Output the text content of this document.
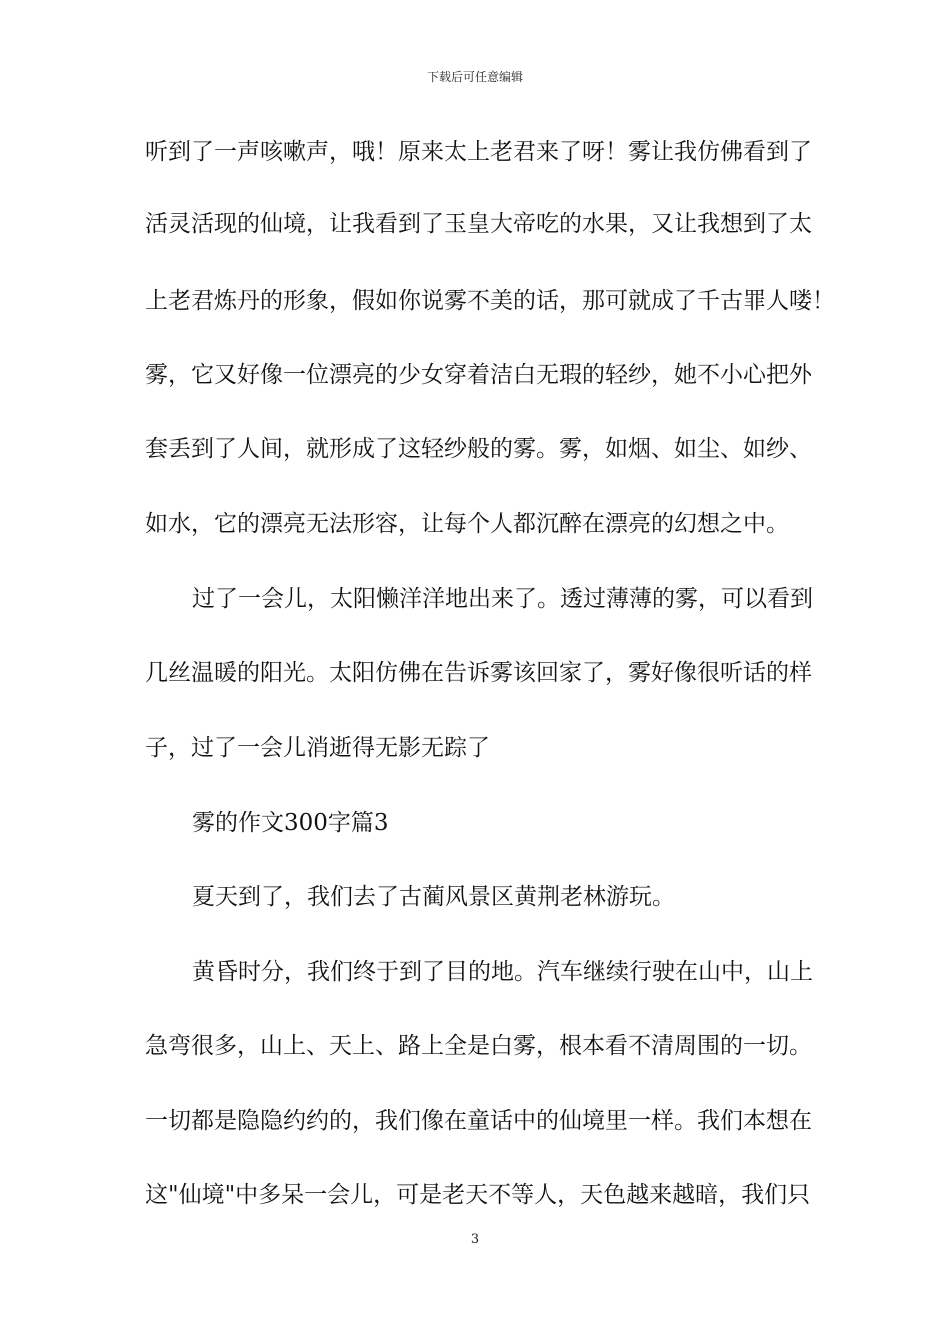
下载后可任意编辑
听到了一声咳嗽声，哦！原来太上老君来了呀！雾让我仿佛看到了
活灵活现的仙境，让我看到了玉皇大帝吃的水果，又让我想到了太
上老君炼丹的形象，假如你说雾不美的话，那可就成了千古罪人喽！
雾，它又好像一位漂亮的少女穿着洁白无瑕的轻纱，她不小心把外
套丢到了人间，就形成了这轻纱般的雾。雾，如烟、如尘、如纱、
如水，它的漂亮无法形容，让每个人都沉醉在漂亮的幻想之中。
过了一会儿，太阳懒洋洋地出来了。透过薄薄的雾，可以看到
几丝温暖的阳光。太阳仿佛在告诉雾该回家了，雾好像很听话的样
子，过了一会儿消逝得无影无踪了
雾的作文300字篇3
夏天到了，我们去了古蔺风景区黄荆老林游玩。
黄昏时分，我们终于到了目的地。汽车继续行驶在山中，山上
急弯很多，山上、天上、路上全是白雾，根本看不清周围的一切。
一切都是隐隐约约的，我们像在童话中的仙境里一样。我们本想在
这"仙境"中多呆一会儿，可是老天不等人，天色越来越暗，我们只
3
